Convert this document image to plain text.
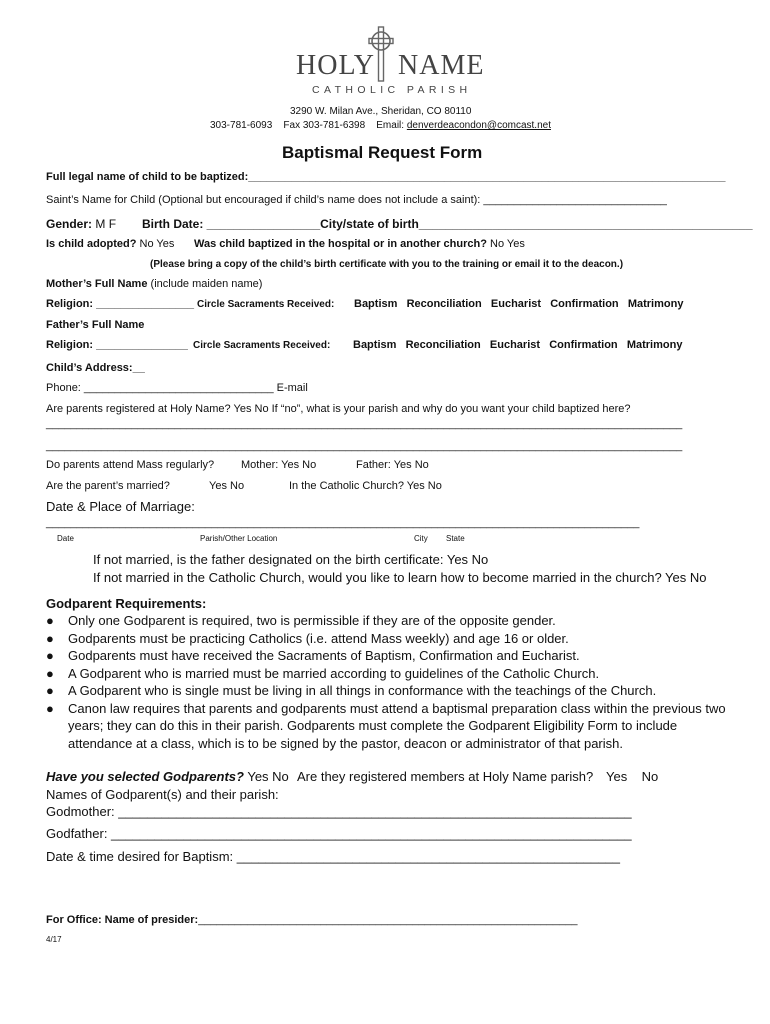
HOLY NAME
CATHOLIC PARISH
3290 W. Milan Ave., Sheridan, CO 80110
303-781-6093 Fax 303-781-6398 Email: denverdeacondon@comcast.net
Baptismal Request Form
Full legal name of child to be baptized:______________________________________________________________________________
Saint’s Name for Child (Optional but encouraged if child’s name does not include a saint): ______________________________
Gender: M F Birth Date: _________________City/state of birth__________________________________________________
Is child adopted? No Yes Was child baptized in the hospital or in another church? No Yes
(Please bring a copy of the child’s birth certificate with you to the training or email it to the deacon.)
Mother’s Full Name (include maiden name)
Religion: ________________ Circle Sacraments Received: Baptism   Reconciliation   Eucharist   Confirmation   Matrimony
Father’s Full Name
Religion: _______________ Circle Sacraments Received: Baptism   Reconciliation   Eucharist   Confirmation   Matrimony
Child’s Address:__
Phone: _______________________________ E-mail
Are parents registered at Holy Name? Yes No If “no”, what is your parish and why do you want your child baptized here?
________________________________________________________________________________________________________
________________________________________________________________________________________________________
Do parents attend Mass regularly? Mother: Yes No	Father: Yes No
Are the parent’s married?	Yes No	In the Catholic Church? Yes No
Date & Place of Marriage:
_________________________________________________________________________________________________
Date	Parish/Other Location	City State
If not married, is the father designated on the birth certificate: Yes No
If not married in the Catholic Church, would you like to learn how to become married in the church? Yes No
Godparent Requirements:
● Only one Godparent is required, two is permissible if they are of the opposite gender.
● Godparents must be practicing Catholics (i.e. attend Mass weekly) and age 16 or older.
● Godparents must have received the Sacraments of Baptism, Confirmation and Eucharist.
● A Godparent who is married must be married according to guidelines of the Catholic Church.
● A Godparent who is single must be living in all things in conformance with the teachings of the Church.
● Canon law requires that parents and godparents must attend a baptismal preparation class within the previous two years; they can do this in their parish. Godparents must complete the Godparent Eligibility Form to include attendance at a class, which is to be signed by the pastor, deacon or administrator of that parish.
Have you selected Godparents? Yes No Are they registered members at Holy Name parish? Yes    No
Names of Godparent(s) and their parish:
Godmother: _______________________________________________________________________
Godfather: ________________________________________________________________________
Date & time desired for Baptism: _____________________________________________________
For Office: Name of presider:______________________________________________________________
4/17
